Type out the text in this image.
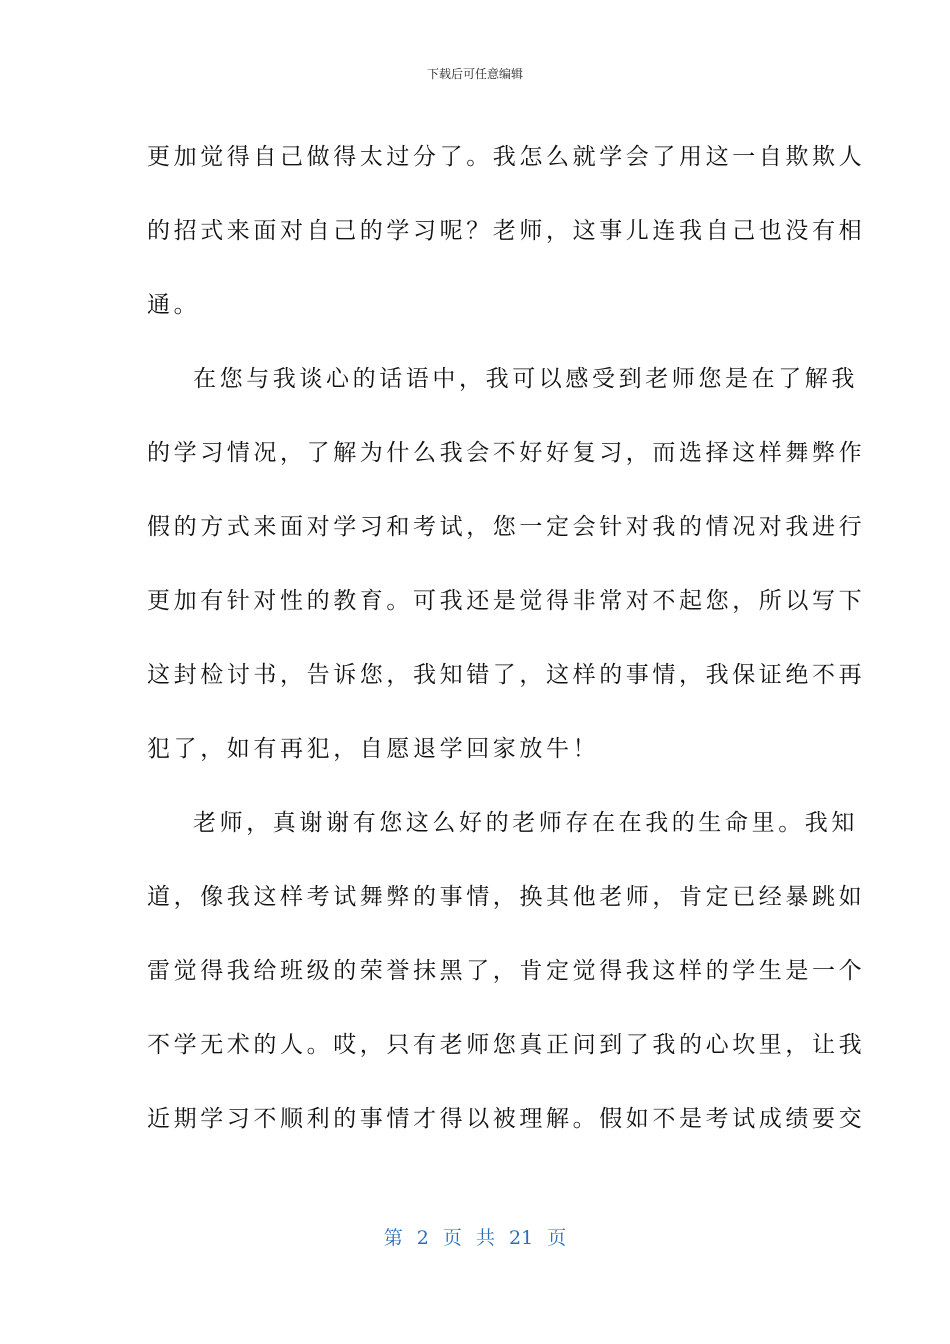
下载后可任意编辑
更加觉得自己做得太过分了。我怎么就学会了用这一自欺欺人
的招式来面对自己的学习呢？老师，这事儿连我自己也没有相
通。
在您与我谈心的话语中，我可以感受到老师您是在了解我
的学习情况，了解为什么我会不好好复习，而选择这样舞弊作
假的方式来面对学习和考试，您一定会针对我的情况对我进行
更加有针对性的教育。可我还是觉得非常对不起您，所以写下
这封检讨书，告诉您，我知错了，这样的事情，我保证绝不再
犯了，如有再犯，自愿退学回家放牛！
老师，真谢谢有您这么好的老师存在在我的生命里。我知
道，像我这样考试舞弊的事情，换其他老师，肯定已经暴跳如
雷觉得我给班级的荣誉抹黑了，肯定觉得我这样的学生是一个
不学无术的人。哎，只有老师您真正问到了我的心坎里，让我
近期学习不顺利的事情才得以被理解。假如不是考试成绩要交
第 2 页 共 21 页
